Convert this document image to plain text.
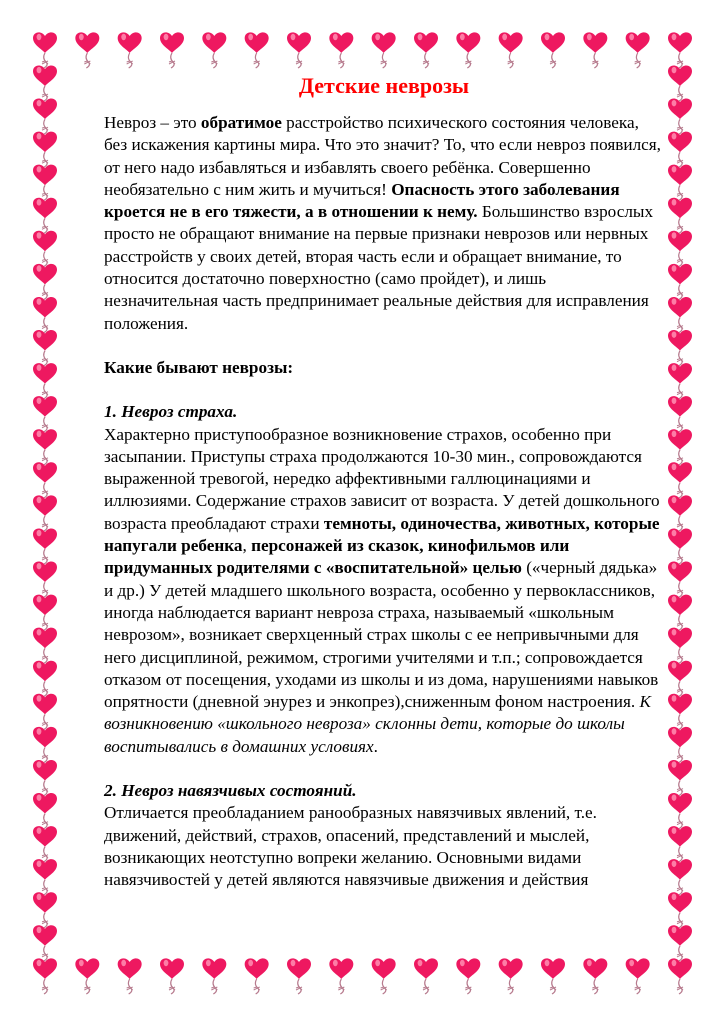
Детские неврозы

Невроз – это обратимое расстройство психического состояния человека, без искажения картины мира. Что это значит? То, что если невроз появился, от него надо избавляться и избавлять своего ребёнка. Совершенно необязательно с ним жить и мучиться! Опасность этого заболевания кроется не в его тяжести, а в отношении к нему. Большинство взрослых просто не обращают внимание на первые признаки неврозов или нервных расстройств у своих детей, вторая часть если и обращает внимание, то относится достаточно поверхностно (само пройдет), и лишь незначительная часть предпринимает реальные действия для исправления положения.

Какие бывают неврозы:

1. Невроз страха.

Характерно приступообразное возникновение страхов, особенно при засыпании. Приступы страха продолжаются 10-30 мин., сопровождаются выраженной тревогой, нередко аффективными галлюцинациями и иллюзиями. Содержание страхов зависит от возраста. У детей дошкольного возраста преобладают страхи темноты, одиночества, животных, которые напугали ребенка, персонажей из сказок, кинофильмов или придуманных родителями с «воспитательной» целью («черный дядька» и др.) У детей младшего школьного возраста, особенно у первоклассников, иногда наблюдается вариант невроза страха, называемый «школьным неврозом», возникает сверхценный страх школы с ее непривычными для него дисциплиной, режимом, строгими учителями и т.п.; сопровождается отказом от посещения, уходами из школы и из дома, нарушениями навыков опрятности (дневной энурез и энкопрез),сниженным фоном настроения. К возникновению «школьного невроза» склонны дети, которые до школы воспитывались в домашних условиях.

2. Невроз навязчивых состояний.

Отличается преобладанием ранообразных навязчивых явлений, т.е. движений, действий, страхов, опасений, представлений и мыслей, возникающих неотступно вопреки желанию. Основными видами навязчивостей у детей являются навязчивые движения и действия
